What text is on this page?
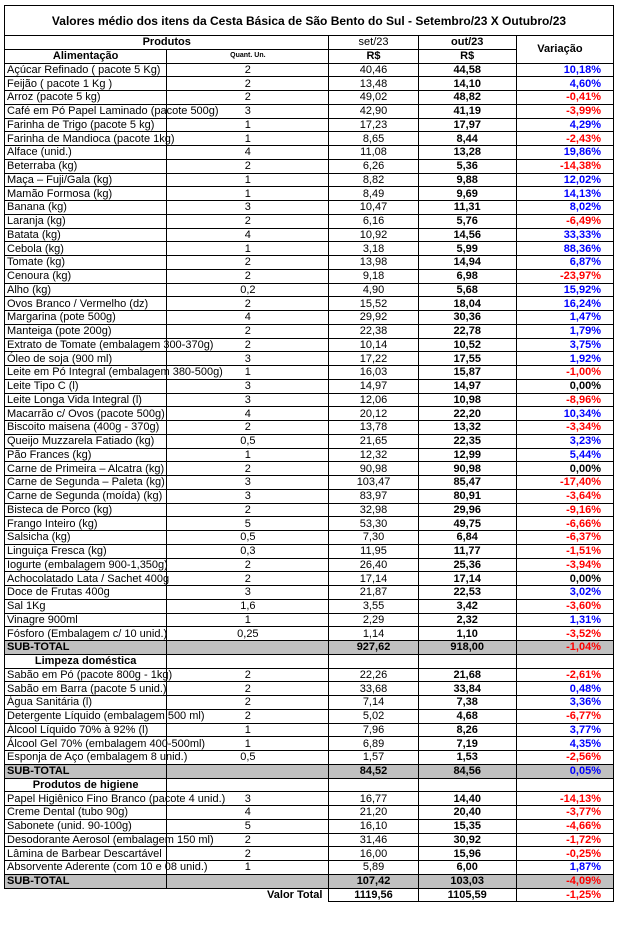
Valores médio dos itens da Cesta Básica de São Bento do Sul - Setembro/23 X Outubro/23
Produtos		set/23	out/23	Variação
Alimentação	Quant. Un.	R$	R$	
Açúcar Refinado ( pacote 5 Kg)	2	40,46	44,58	10,18%
Feijão ( pacote 1 Kg )	2	13,48	14,10	4,60%
Arroz (pacote 5 kg)	2	49,02	48,82	-0,41%
Café em Pó Papel Laminado (pacote 500g)	3	42,90	41,19	-3,99%
Farinha de Trigo (pacote 5 kg)	1	17,23	17,97	4,29%
Farinha de Mandioca (pacote 1kg)	1	8,65	8,44	-2,43%
Alface (unid.)	4	11,08	13,28	19,86%
Beterraba (kg)	2	6,26	5,36	-14,38%
Maça – Fuji/Gala (kg)	1	8,82	9,88	12,02%
Mamão Formosa (kg)	1	8,49	9,69	14,13%
Banana (kg)	3	10,47	11,31	8,02%
Laranja (kg)	2	6,16	5,76	-6,49%
Batata (kg)	4	10,92	14,56	33,33%
Cebola (kg)	1	3,18	5,99	88,36%
Tomate (kg)	2	13,98	14,94	6,87%
Cenoura (kg)	2	9,18	6,98	-23,97%
Alho (kg)	0,2	4,90	5,68	15,92%
Ovos Branco / Vermelho (dz)	2	15,52	18,04	16,24%
Margarina (pote 500g)	4	29,92	30,36	1,47%
Manteiga (pote 200g)	2	22,38	22,78	1,79%
Extrato de Tomate (embalagem 300-370g)	2	10,14	10,52	3,75%
Óleo de soja (900 ml)	3	17,22	17,55	1,92%
Leite em Pó Integral (embalagem 380-500g)	1	16,03	15,87	-1,00%
Leite Tipo C (l)	3	14,97	14,97	0,00%
Leite Longa Vida Integral (l)	3	12,06	10,98	-8,96%
Macarrão c/ Ovos (pacote 500g)	4	20,12	22,20	10,34%
Biscoito maisena (400g - 370g)	2	13,78	13,32	-3,34%
Queijo Muzzarela Fatiado (kg)	0,5	21,65	22,35	3,23%
Pão Frances (kg)	1	12,32	12,99	5,44%
Carne de Primeira – Alcatra (kg)	2	90,98	90,98	0,00%
Carne de Segunda – Paleta (kg)	3	103,47	85,47	-17,40%
Carne de Segunda (moída) (kg)	3	83,97	80,91	-3,64%
Bisteca de Porco (kg)	2	32,98	29,96	-9,16%
Frango Inteiro (kg)	5	53,30	49,75	-6,66%
Salsicha (kg)	0,5	7,30	6,84	-6,37%
Linguiça Fresca (kg)	0,3	11,95	11,77	-1,51%
Iogurte (embalagem 900-1,350g)	2	26,40	25,36	-3,94%
Achocolatado Lata / Sachet 400g	2	17,14	17,14	0,00%
Doce de Frutas 400g	3	21,87	22,53	3,02%
Sal 1Kg	1,6	3,55	3,42	-3,60%
Vinagre 900ml	1	2,29	2,32	1,31%
Fósforo (Embalagem c/ 10 unid.)	0,25	1,14	1,10	-3,52%
SUB-TOTAL		927,62	918,00	-1,04%
Limpeza doméstica				
Sabão em Pó (pacote 800g - 1kg)	2	22,26	21,68	-2,61%
Sabão em Barra (pacote 5 unid.)	2	33,68	33,84	0,48%
Água Sanitária (l)	2	7,14	7,38	3,36%
Detergente Líquido (embalagem 500 ml)	2	5,02	4,68	-6,77%
Álcool Líquido 70% à 92% (l)	1	7,96	8,26	3,77%
Álcool Gel 70% (embalagem 400-500ml)	1	6,89	7,19	4,35%
Esponja de Aço (embalagem 8 unid.)	0,5	1,57	1,53	-2,56%
SUB-TOTAL		84,52	84,56	0,05%
Produtos de higiene				
Papel Higiênico Fino Branco (pacote 4 unid.)	3	16,77	14,40	-14,13%
Creme Dental (tubo 90g)	4	21,20	20,40	-3,77%
Sabonete (unid. 90-100g)	5	16,10	15,35	-4,66%
Desodorante Aerosol (embalagem 150 ml)	2	31,46	30,92	-1,72%
Lâmina de Barbear Descartável	2	16,00	15,96	-0,25%
Absorvente Aderente (com 10 e 08 unid.)	1	5,89	6,00	1,87%
SUB-TOTAL		107,42	103,03	-4,09%
Valor Total		1119,56	1105,59	-1,25%
